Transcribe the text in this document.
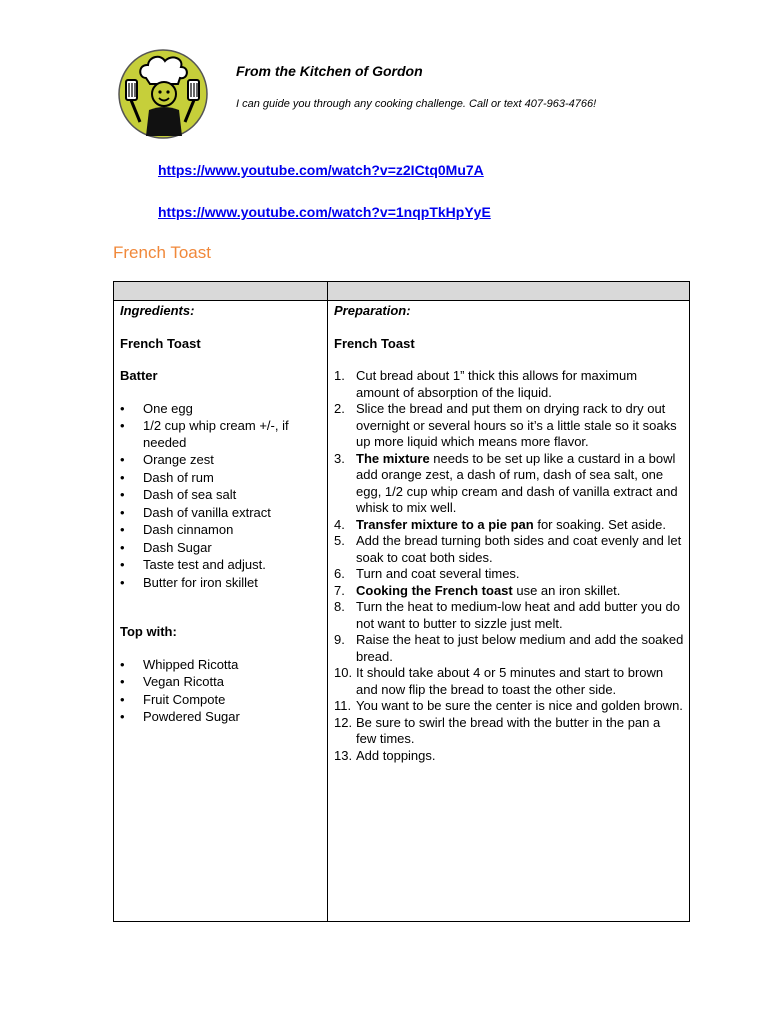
From the Kitchen of Gordon
I can guide you through any cooking challenge. Call or text 407-963-4766!
https://www.youtube.com/watch?v=z2ICtq0Mu7A
https://www.youtube.com/watch?v=1nqpTkHpYyE
French Toast
Ingredients:
French Toast
Batter
• One egg
• 1/2 cup whip cream +/-, if needed
• Orange zest
• Dash of rum
• Dash of sea salt
• Dash of vanilla extract
• Dash cinnamon
• Dash Sugar
• Taste test and adjust.
• Butter for iron skillet
Top with:
• Whipped Ricotta
• Vegan Ricotta
• Fruit Compote
• Powdered Sugar
Preparation:
French Toast
1. Cut bread about 1” thick this allows for maximum amount of absorption of the liquid.
2. Slice the bread and put them on drying rack to dry out overnight or several hours so it’s a little stale so it soaks up more liquid which means more flavor.
3. The mixture needs to be set up like a custard in a bowl add orange zest, a dash of rum, dash of sea salt, one egg, 1/2 cup whip cream and dash of vanilla extract and whisk to mix well.
4. Transfer mixture to a pie pan for soaking. Set aside.
5. Add the bread turning both sides and coat evenly and let soak to coat both sides.
6. Turn and coat several times.
7. Cooking the French toast use an iron skillet.
8. Turn the heat to medium-low heat and add butter you do not want to butter to sizzle just melt.
9. Raise the heat to just below medium and add the soaked bread.
10. It should take about 4 or 5 minutes and start to brown and now flip the bread to toast the other side.
11. You want to be sure the center is nice and golden brown.
12. Be sure to swirl the bread with the butter in the pan a few times.
13. Add toppings.
